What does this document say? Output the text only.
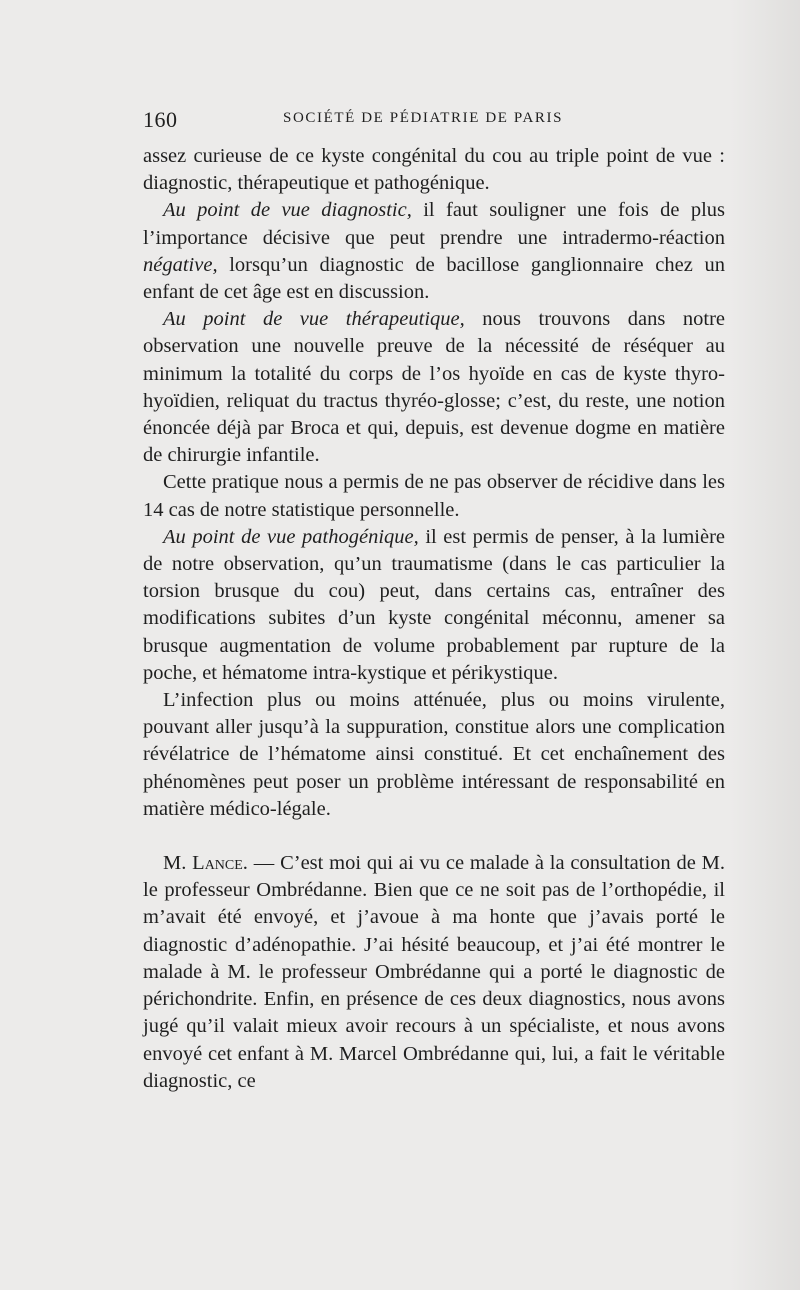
160	SOCIÉTÉ DE PÉDIATRIE DE PARIS

assez curieuse de ce kyste congénital du cou au triple point de vue : diagnostic, thérapeutique et pathogénique.

Au point de vue diagnostic, il faut souligner une fois de plus l’importance décisive que peut prendre une intradermo-réaction négative, lorsqu’un diagnostic de bacillose ganglionnaire chez un enfant de cet âge est en discussion.

Au point de vue thérapeutique, nous trouvons dans notre observation une nouvelle preuve de la nécessité de réséquer au minimum la totalité du corps de l’os hyoïde en cas de kyste thyro-hyoïdien, reliquat du tractus thyréo-glosse; c’est, du reste, une notion énoncée déjà par Broca et qui, depuis, est devenue dogme en matière de chirurgie infantile.

Cette pratique nous a permis de ne pas observer de récidive dans les 14 cas de notre statistique personnelle.

Au point de vue pathogénique, il est permis de penser, à la lumière de notre observation, qu’un traumatisme (dans le cas particulier la torsion brusque du cou) peut, dans certains cas, entraîner des modifications subites d’un kyste congénital méconnu, amener sa brusque augmentation de volume probablement par rupture de la poche, et hématome intra-kystique et périkystique.

L’infection plus ou moins atténuée, plus ou moins virulente, pouvant aller jusqu’à la suppuration, constitue alors une complication révélatrice de l’hématome ainsi constitué. Et cet enchaînement des phénomènes peut poser un problème intéressant de responsabilité en matière médico-légale.

M. Lance. — C’est moi qui ai vu ce malade à la consultation de M. le professeur Ombrédanne. Bien que ce ne soit pas de l’orthopédie, il m’avait été envoyé, et j’avoue à ma honte que j’avais porté le diagnostic d’adénopathie. J’ai hésité beaucoup, et j’ai été montrer le malade à M. le professeur Ombrédanne qui a porté le diagnostic de périchondrite. Enfin, en présence de ces deux diagnostics, nous avons jugé qu’il valait mieux avoir recours à un spécialiste, et nous avons envoyé cet enfant à M. Marcel Ombrédanne qui, lui, a fait le véritable diagnostic, ce
